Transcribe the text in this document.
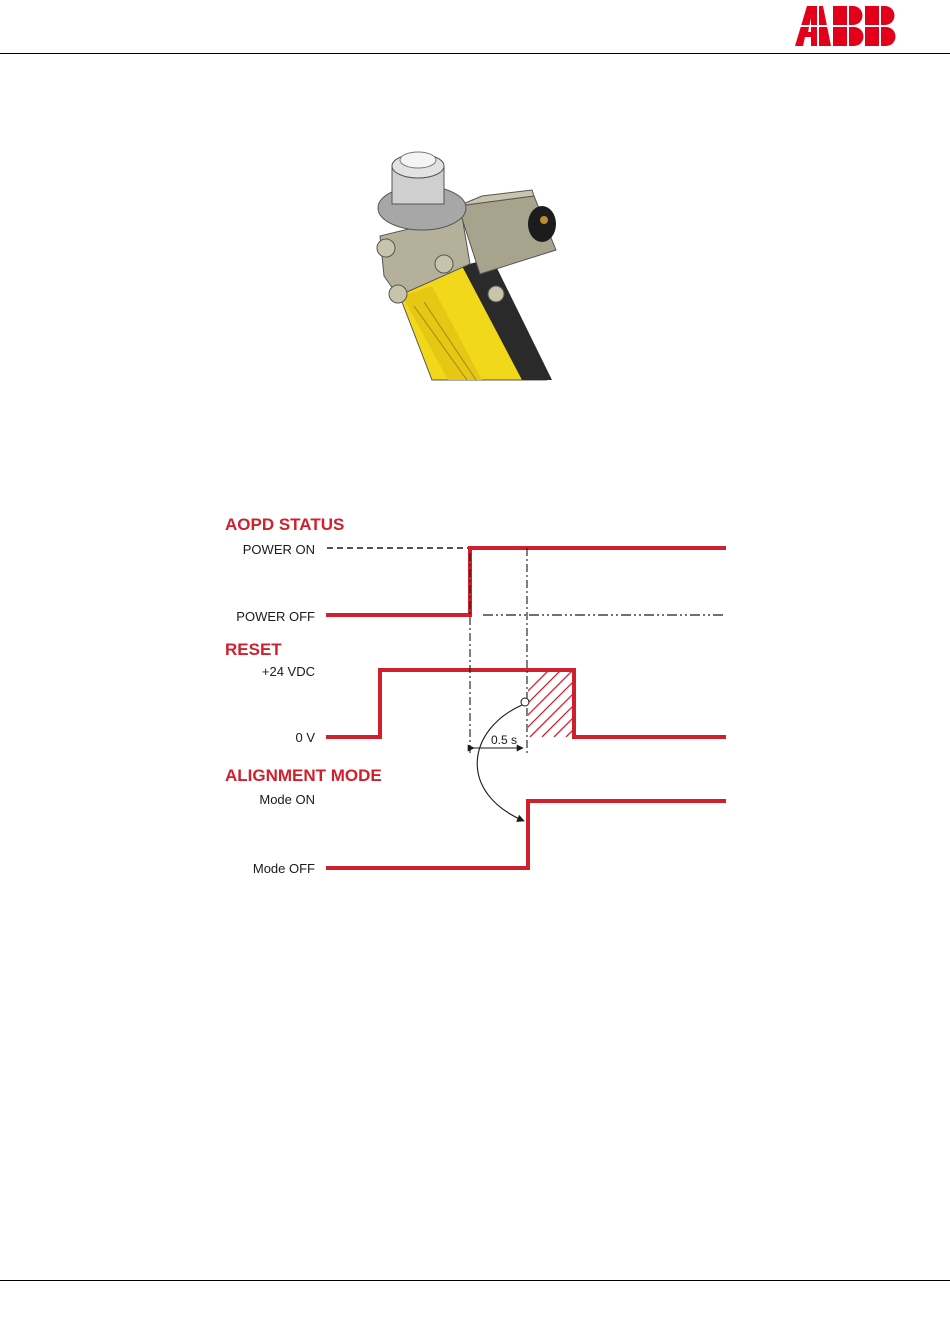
AOPD STATUS
POWER ON
POWER OFF
RESET
+24 VDC
0 V	0.5 s
ALIGNMENT MODE
Mode ON
Mode OFF
